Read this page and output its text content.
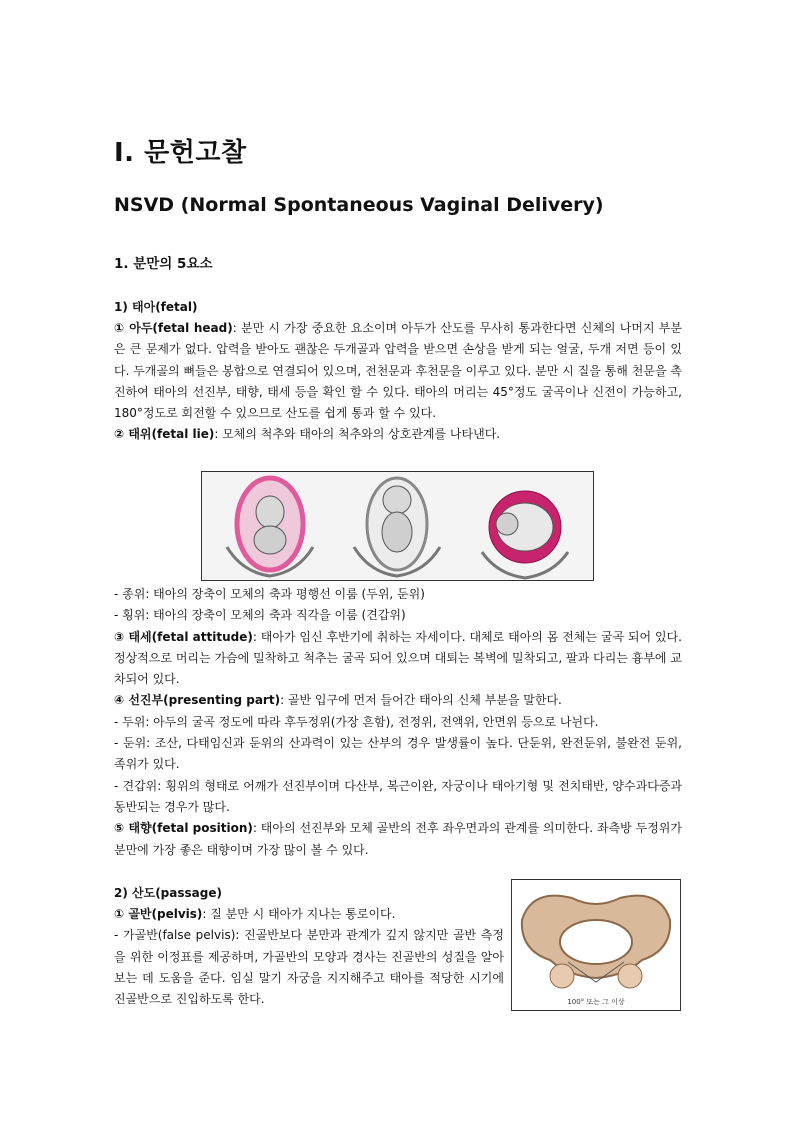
Ⅰ. 문헌고찰
NSVD (Normal Spontaneous Vaginal Delivery)
1. 분만의 5요소
1) 태아(fetal)

① 아두(fetal head): 분만 시 가장 중요한 요소이며 아두가 산도를 무사히 통과한다면 신체의 나머지 부분은 큰 문제가 없다. 압력을 받아도 괜찮은 두개골과 압력을 받으면 손상을 받게 되는 얼굴, 두개 저면 등이 있다. 두개골의 뼈들은 봉합으로 연결되어 있으며, 전천문과 후천문을 이루고 있다. 분만 시 질을 통해 천문을 촉진하여 태아의 선진부, 태향, 태세 등을 확인 할 수 있다. 태아의 머리는 45°정도 굴곡이나 신전이 가능하고, 180°정도로 회전할 수 있으므로 산도를 쉽게 통과 할 수 있다.

② 태위(fetal lie): 모체의 척추와 태아의 척추와의 상호관계를 나타낸다.

- 종위: 태아의 장축이 모체의 축과 평행선 이룸 (두위, 둔위)

- 횡위: 태아의 장축이 모체의 축과 직각을 이룸 (견갑위)

③ 태세(fetal attitude): 태아가 임신 후반기에 취하는 자세이다. 대체로 태아의 몸 전체는 굴곡 되어 있다. 정상적으로 머리는 가슴에 밀착하고 척추는 굴곡 되어 있으며 대퇴는 복벽에 밀착되고, 팔과 다리는 흉부에 교차되어 있다.

④ 선진부(presenting part): 골반 입구에 먼저 들어간 태아의 신체 부분을 말한다.

- 두위: 아두의 굴곡 정도에 따라 후두정위(가장 흔함), 전정위, 전액위, 안면위 등으로 나뉜다.

- 둔위: 조산, 다태임신과 둔위의 산과력이 있는 산부의 경우 발생률이 높다. 단둔위, 완전둔위, 불완전 둔위, 족위가 있다.

- 견갑위: 횡위의 형태로 어깨가 선진부이며 다산부, 복근이완, 자궁이나 태아기형 및 전치태반, 양수과다증과 동반되는 경우가 많다.

⑤ 태향(fetal position): 태아의 선진부와 모체 골반의 전후 좌우면과의 관계를 의미한다. 좌측방 두정위가 분만에 가장 좋은 태향이며 가장 많이 볼 수 있다.

2) 산도(passage)

① 골반(pelvis): 질 분만 시 태아가 지나는 통로이다.

- 가골반(false pelvis): 진골반보다 분만과 관계가 깊지 않지만 골반 측정을 위한 이정표를 제공하며, 가골반의 모양과 경사는 진골반의 성질을 알아보는 데 도움을 준다. 임실 말기 자궁을 지지해주고 태아를 적당한 시기에 진골반으로 진입하도록 한다.	100° 또는 그 이상
